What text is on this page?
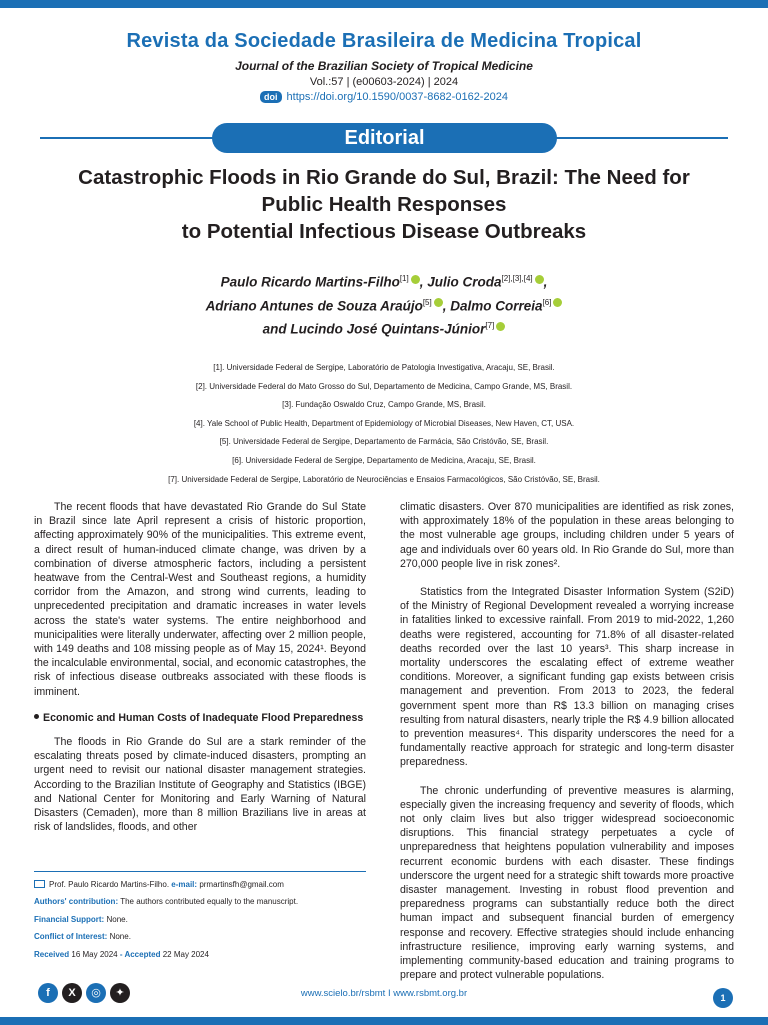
Revista da Sociedade Brasileira de Medicina Tropical
Journal of the Brazilian Society of Tropical Medicine
Vol.:57 | (e00603-2024) | 2024
doi https://doi.org/10.1590/0037-8682-0162-2024
Editorial
Catastrophic Floods in Rio Grande do Sul, Brazil: The Need for
Public Health Responses
to Potential Infectious Disease Outbreaks
Paulo Ricardo Martins-Filho[1] , Julio Croda[2],[3],[4] ,
Adriano Antunes de Souza Araújo[5] , Dalmo Correia[6]
and Lucindo José Quintans-Júnior[7]
[1]. Universidade Federal de Sergipe, Laboratório de Patologia Investigativa, Aracaju, SE, Brasil.
[2]. Universidade Federal do Mato Grosso do Sul, Departamento de Medicina, Campo Grande, MS, Brasil.
[3]. Fundação Oswaldo Cruz, Campo Grande, MS, Brasil.
[4]. Yale School of Public Health, Department of Epidemiology of Microbial Diseases, New Haven, CT, USA.
[5]. Universidade Federal de Sergipe, Departamento de Farmácia, São Cristóvão, SE, Brasil.
[6]. Universidade Federal de Sergipe, Departamento de Medicina, Aracaju, SE, Brasil.
[7]. Universidade Federal de Sergipe, Laboratório de Neurociências e Ensaios Farmacológicos, São Cristóvão, SE, Brasil.

The recent floods that have devastated Rio Grande do Sul State in Brazil since late April represent a crisis of historic proportion, affecting approximately 90% of the municipalities. This extreme event, a direct result of human-induced climate change, was driven by a combination of diverse atmospheric factors, including a persistent heatwave from the Central-West and Southeast regions, a humidity corridor from the Amazon, and strong wind currents, leading to unprecedented precipitation and dramatic increases in water levels across the state's water systems. The entire neighborhood and municipalities were literally underwater, affecting over 2 million people, with 149 deaths and 108 missing people as of May 15, 2024¹. Beyond the incalculable environmental, social, and economic catastrophes, the risk of infectious disease outbreaks associated with these floods is imminent.

Economic and Human Costs of Inadequate Flood Preparedness

The floods in Rio Grande do Sul are a stark reminder of the escalating threats posed by climate-induced disasters, prompting an urgent need to revisit our national disaster management strategies. According to the Brazilian Institute of Geography and Statistics (IBGE) and National Center for Monitoring and Early Warning of Natural Disasters (Cemaden), more than 8 million Brazilians live in areas at risk of landslides, floods, and other

climatic disasters. Over 870 municipalities are identified as risk zones, with approximately 18% of the population in these areas belonging to the most vulnerable age groups, including children under 5 years of age and individuals over 60 years old. In Rio Grande do Sul, more than 270,000 people live in risk zones².

Statistics from the Integrated Disaster Information System (S2iD) of the Ministry of Regional Development revealed a worrying increase in fatalities linked to excessive rainfall. From 2019 to mid-2022, 1,260 deaths were registered, accounting for 71.8% of all disaster-related deaths recorded over the last 10 years³. This sharp increase in mortality underscores the escalating effect of extreme weather conditions. Moreover, a significant funding gap exists between crisis management and prevention. From 2013 to 2023, the federal government spent more than R$ 13.3 billion on managing crises resulting from natural disasters, nearly triple the R$ 4.9 billion allocated to prevention measures⁴. This disparity underscores the need for a fundamentally reactive approach for strategic and long-term disaster preparedness.

The chronic underfunding of preventive measures is alarming, especially given the increasing frequency and severity of floods, which not only claim lives but also trigger widespread socioeconomic disruptions. This financial strategy perpetuates a cycle of unpreparedness that heightens population vulnerability and imposes recurrent economic burdens with each disaster. These findings underscore the urgent need for a strategic shift towards more proactive disaster management. Investing in robust flood prevention and preparedness programs can substantially reduce both the direct human impact and subsequent financial burden of emergency response and recovery. Effective strategies should include enhancing infrastructure resilience, improving early warning systems, and implementing community-based education and training programs to prepare and protect vulnerable populations.

Prof. Paulo Ricardo Martins-Filho. e-mail: prmartinsfh@gmail.com
Authors' contribution: The authors contributed equally to the manuscript.
Financial Support: None.
Conflict of Interest: None.
Received 16 May 2024 - Accepted 22 May 2024
f	X	◎	✦	www.scielo.br/rsbmt I www.rsbmt.org.br	1
